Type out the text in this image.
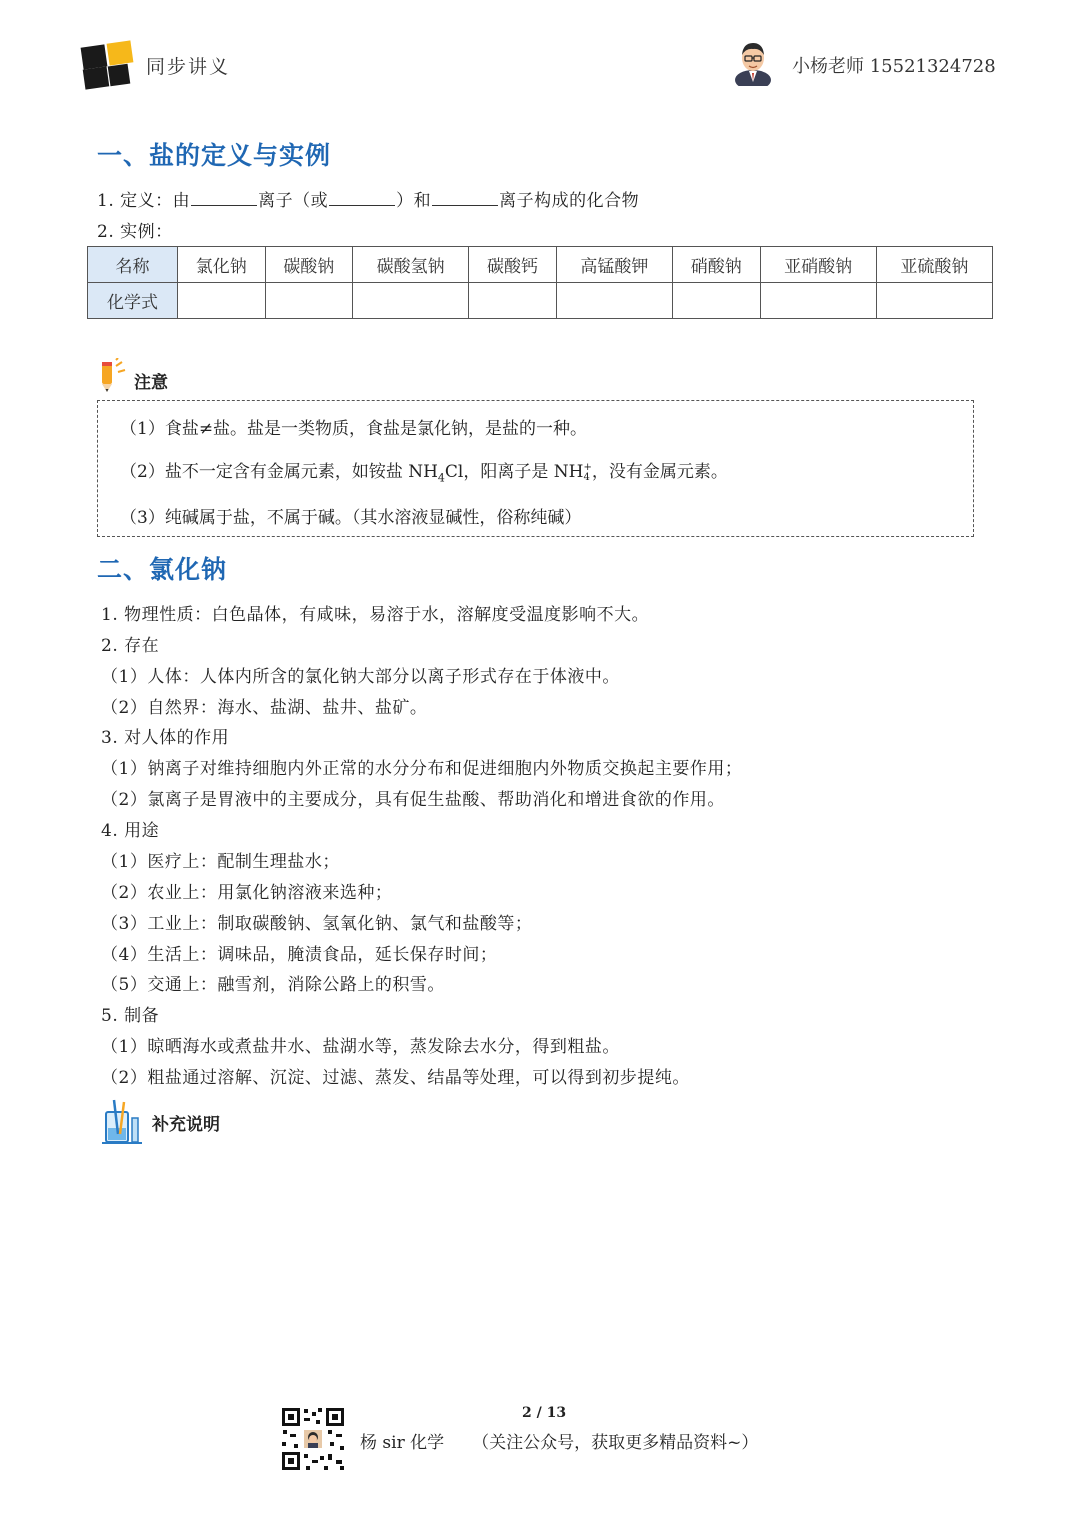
同步讲义	小杨老师 15521324728
一、盐的定义与实例
1. 定义：由	离子（或	）和	离子构成的化合物
2. 实例：
名称	氯化钠	碳酸钠	碳酸氢钠	碳酸钙	高锰酸钾	硝酸钠	亚硝酸钠	亚硫酸钠
化学式								
注意
（1）食盐≠盐。盐是一类物质，食盐是氯化钠，是盐的一种。
（2）盐不一定含有金属元素，如铵盐 $NH_4Cl$，阳离子是 NH +
4 ，没有金属元素。
（3）纯碱属于盐，不属于碱。（其水溶液显碱性，俗称纯碱）
二、氯化钠
1. 物理性质：白色晶体，有咸味，易溶于水，溶解度受温度影响不大。
2. 存在
（1）人体：人体内所含的氯化钠大部分以离子形式存在于体液中。
（2）自然界：海水、盐湖、盐井、盐矿。
3. 对人体的作用
（1）钠离子对维持细胞内外正常的水分分布和促进细胞内外物质交换起主要作用；
（2）氯离子是胃液中的主要成分，具有促生盐酸、帮助消化和增进食欲的作用。
4. 用途
（1）医疗上：配制生理盐水；
（2）农业上：用氯化钠溶液来选种；
（3）工业上：制取碳酸钠、氢氧化钠、氯气和盐酸等；
（4）生活上：调味品，腌渍食品，延长保存时间；
（5）交通上：融雪剂，消除公路上的积雪。
5. 制备
（1）晾晒海水或煮盐井水、盐湖水等，蒸发除去水分，得到粗盐。
（2）粗盐通过溶解、沉淀、过滤、蒸发、结晶等处理，可以得到初步提纯。
补充说明
2 / 13
杨 sir 化学 （关注公众号，获取更多精品资料~）
